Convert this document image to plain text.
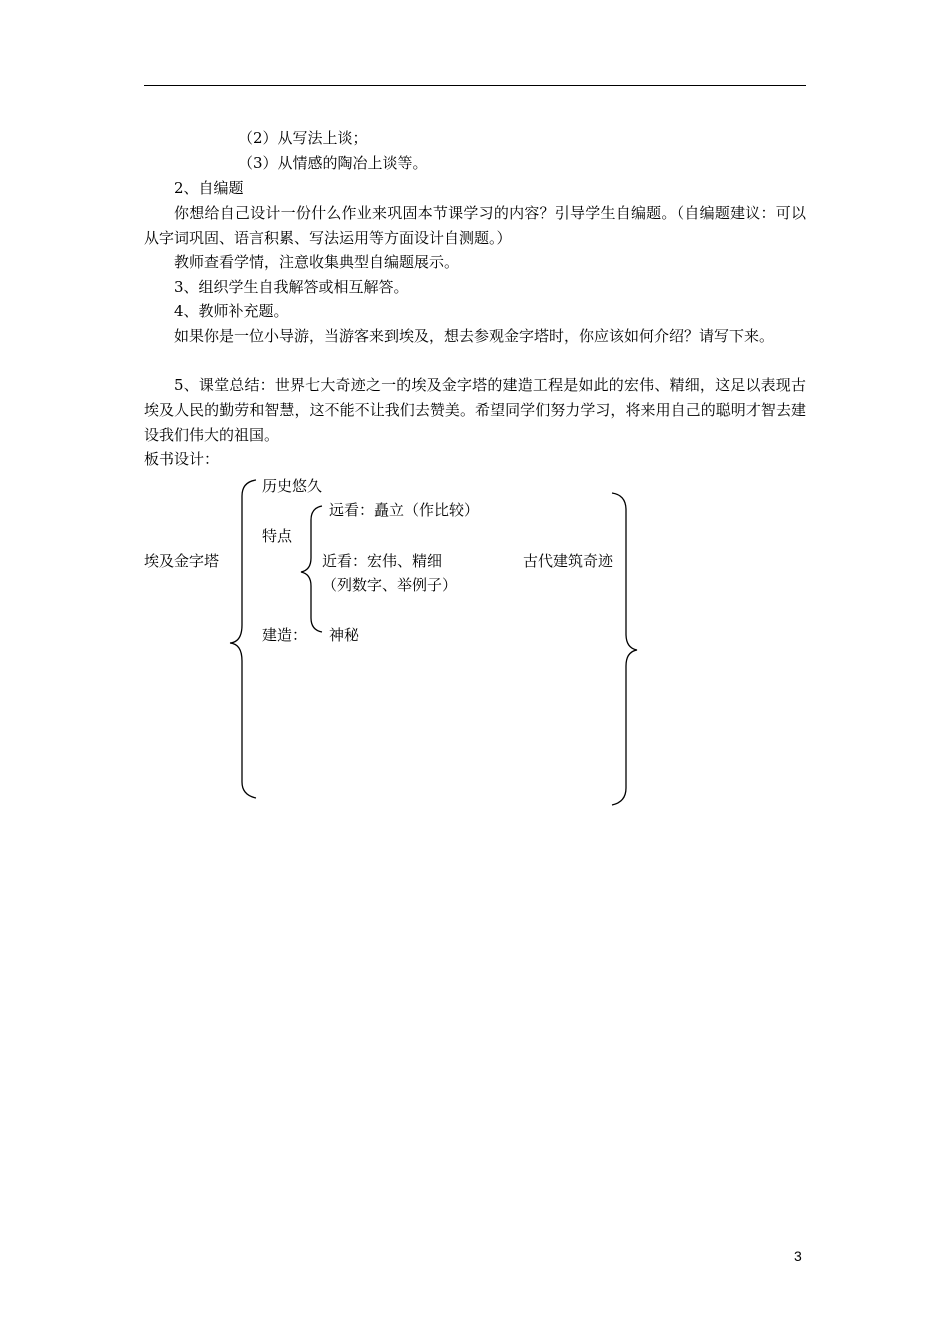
（2）从写法上谈；
（3）从情感的陶冶上谈等。
2、自编题
你想给自己设计一份什么作业来巩固本节课学习的内容？引导学生自编题。（自编题建议：可以从字词巩固、语言积累、写法运用等方面设计自测题。）
教师查看学情，注意收集典型自编题展示。
3、组织学生自我解答或相互解答。
4、教师补充题。
如果你是一位小导游，当游客来到埃及，想去参观金字塔时，你应该如何介绍？请写下来。
5、课堂总结：世界七大奇迹之一的埃及金字塔的建造工程是如此的宏伟、精细，这足以表现古埃及人民的勤劳和智慧，这不能不让我们去赞美。希望同学们努力学习，将来用自己的聪明才智去建设我们伟大的祖国。
板书设计：
埃及金字塔
历史悠久
特点
远看：矗立（作比较）
近看：宏伟、精细
（列数字、举例子）
建造： 神秘
古代建筑奇迹
3
